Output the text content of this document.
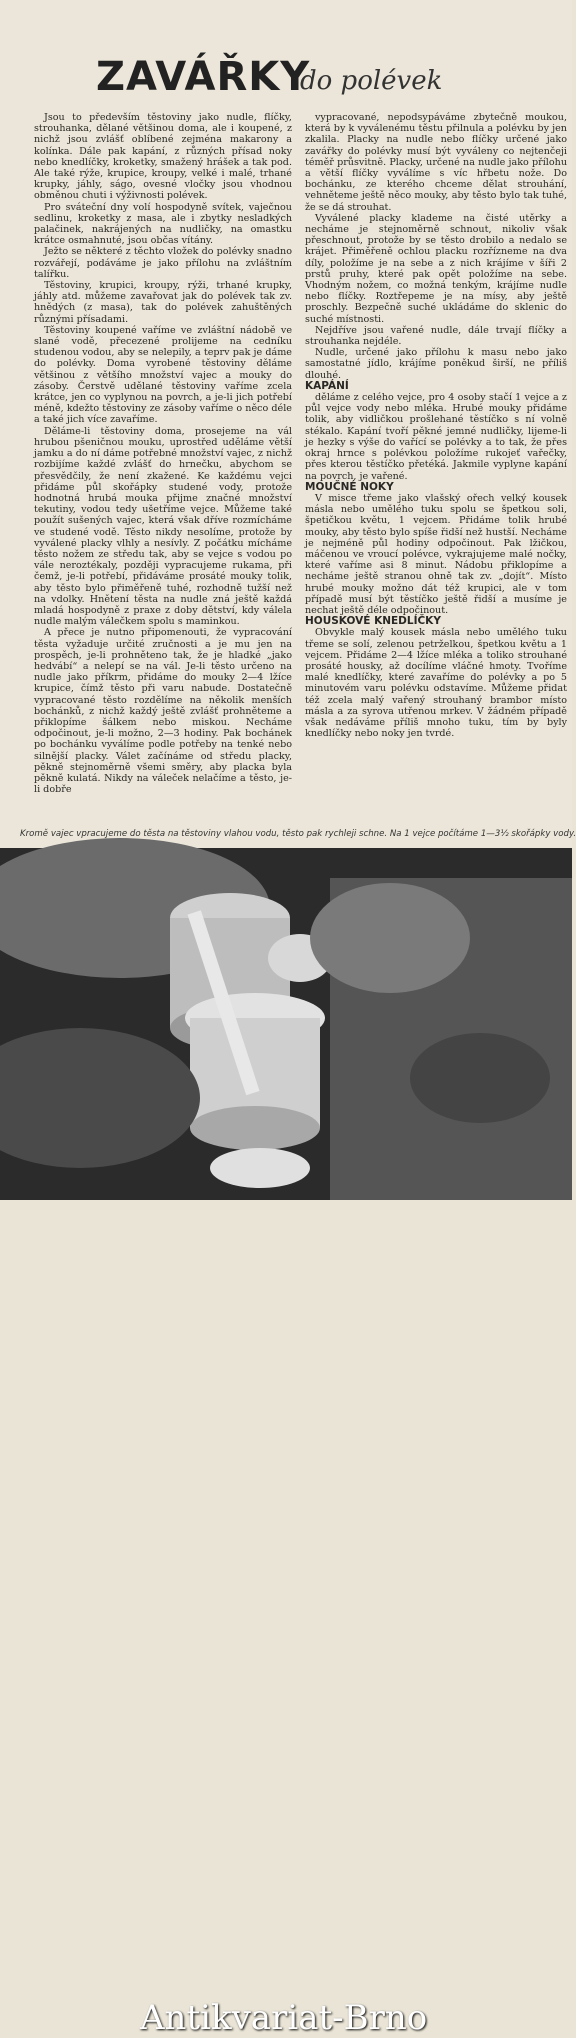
ZAVÁŘKY
do polévek

Jsou to především těstoviny jako nudle, flíčky, strouhanka, dělané většinou doma, ale i koupené, z nichž jsou zvlášť oblíbené zejména makarony a kolínka. Dále pak kapání, z různých přísad noky nebo knedlíčky, kroketky, smažený hrášek a tak pod. Ale také rýže, krupice, kroupy, velké i malé, trhané krupky, jáhly, ságo, ovesné vločky jsou vhodnou obměnou chuti i výživnosti polévek.

Pro sváteční dny volí hospodyně svítek, vaječnou sedlinu, kroketky z masa, ale i zbytky nesladkých palačinek, nakrájených na nudličky, na omastku krátce osmahnuté, jsou občas vítány.

Ježto se některé z těchto vložek do polévky snadno rozvářejí, podáváme je jako přílohu na zvláštním talířku.

Těstoviny, krupici, kroupy, rýži, trhané krupky, jáhly atd. můžeme zavařovat jak do polévek tak zv. hnědých (z masa), tak do polévek zahuštěných různými přísadami.

Těstoviny koupené vaříme ve zvláštní nádobě ve slané vodě, přecezené prolijeme na cedníku studenou vodou, aby se nelepily, a teprv pak je dáme do polévky. Doma vyrobené těstoviny děláme většinou z většího množství vajec a mouky do zásoby. Čerstvě udělané těstoviny vaříme zcela krátce, jen co vyplynou na povrch, a je-li jich potřebí méně, kdežto těstoviny ze zásoby vaříme o něco déle a také jich více zavaříme.

Děláme-li těstoviny doma, prosejeme na vál hrubou pšeničnou mouku, uprostřed uděláme větší jamku a do ní dáme potřebné množství vajec, z nichž rozbijíme každé zvlášť do hrnečku, abychom se přesvědčily, že není zkažené. Ke každému vejci přidáme půl skořápky studené vody, protože hodnotná hrubá mouka přijme značné množství tekutiny, vodou tedy ušetříme vejce. Můžeme také použít sušených vajec, která však dříve rozmícháme ve studené vodě. Těsto nikdy nesolíme, protože by vyválené placky vlhly a nesívly. Z počátku mícháme těsto nožem ze středu tak, aby se vejce s vodou po vále neroztékaly, později vypracujeme rukama, při čemž, je-li potřebí, přidáváme prosáté mouky tolik, aby těsto bylo přiměřeně tuhé, rozhodně tužší než na vdolky. Hnětení těsta na nudle zná ještě každá mladá hospodyně z praxe z doby dětství, kdy válela nudle malým válečkem spolu s maminkou.

A přece je nutno připomenouti, že vypracování těsta vyžaduje určité zručnosti a je mu jen na prospěch, je-li prohněteno tak, že je hladké „jako hedvábí“ a nelepí se na vál. Je-li těsto určeno na nudle jako příkrm, přidáme do mouky 2—4 lžíce krupice, čímž těsto při varu nabude. Dostatečně vypracované těsto rozdělíme na několik menších bochánků, z nichž každý ještě zvlášť prohněteme a přiklopíme šálkem nebo miskou. Necháme odpočinout, je-li možno, 2—3 hodiny. Pak bochánek po bochánku vyválíme podle potřeby na tenké nebo silnější placky. Válet začínáme od středu placky, pěkně stejnoměrně všemi směry, aby placka byla pěkně kulatá. Nikdy na váleček nelačíme a těsto, je-li dobře

vypracované, nepodsypáváme zbytečně moukou, která by k vyválenému těstu přilnula a polévku by jen zkalila. Placky na nudle nebo flíčky určené jako zavářky do polévky musí být vyváleny co nejtenčeji téměř průsvitně. Placky, určené na nudle jako přílohu a větší flíčky vyválíme s víc hřbetu nože. Do bochánku, ze kterého chceme dělat strouhání, vehněteme ještě něco mouky, aby těsto bylo tak tuhé, že se dá strouhat.

Vyválené placky klademe na čisté utěrky a necháme je stejnoměrně schnout, nikoliv však přeschnout, protože by se těsto drobilo a nedalo se krájet. Přiměřeně ochlou placku rozřízneme na dva díly, položíme je na sebe a z nich krájíme v šíři 2 prstů pruhy, které pak opět položíme na sebe. Vhodným nožem, co možná tenkým, krájíme nudle nebo flíčky. Roztřepeme je na mísy, aby ještě proschly. Bezpečně suché ukládáme do sklenic do suché místnosti.

Nejdříve jsou vařené nudle, dále trvají flíčky a strouhanka nejdéle.

Nudle, určené jako přílohu k masu nebo jako samostatné jídlo, krájíme poněkud širší, ne příliš dlouhé.

KAPÁNÍ

děláme z celého vejce, pro 4 osoby stačí 1 vejce a z půl vejce vody nebo mléka. Hrubé mouky přidáme tolik, aby vidličkou prošlehané těstíčko s ní volně stékalo. Kapání tvoří pěkné jemné nudličky, lijeme-li je hezky s výše do vařící se polévky a to tak, že přes okraj hrnce s polévkou položíme rukojeť vařečky, přes kterou těstíčko přetéká. Jakmile vyplyne kapání na povrch, je vařené.

MOUČNÉ NOKY

V misce třeme jako vlašský ořech velký kousek másla nebo umělého tuku spolu se špetkou soli, špetičkou květu, 1 vejcem. Přidáme tolik hrubé mouky, aby těsto bylo spíše řidší než hustší. Necháme je nejméně půl hodiny odpočinout. Pak lžičkou, máčenou ve vroucí polévce, vykrajujeme malé nočky, které vaříme asi 8 minut. Nádobu přiklopíme a necháme ještě stranou ohně tak zv. „dojít“. Místo hrubé mouky možno dát též krupici, ale v tom případě musí být těstíčko ještě řidší a musíme je nechat ještě déle odpočinout.

HOUSKOVÉ KNEDLÍČKY

Obvykle malý kousek másla nebo umělého tuku třeme se solí, zelenou petrželkou, špetkou květu a 1 vejcem. Přidáme 2—4 lžíce mléka a toliko strouhané prosáté housky, až docílíme vláčné hmoty. Tvoříme malé knedlíčky, které zavaříme do polévky a po 5 minutovém varu polévku odstavíme. Můžeme přidat též zcela malý vařený strouhaný brambor místo másla a za syrova utřenou mrkev. V žádném případě však nedáváme příliš mnoho tuku, tím by byly knedlíčky nebo noky jen tvrdé.

Kromě vajec vpracujeme do těsta na těstoviny vlahou vodu, těsto pak rychleji schne. Na 1 vejce počítáme 1—3½ skořápky vody.
Antikvariat-Brno
